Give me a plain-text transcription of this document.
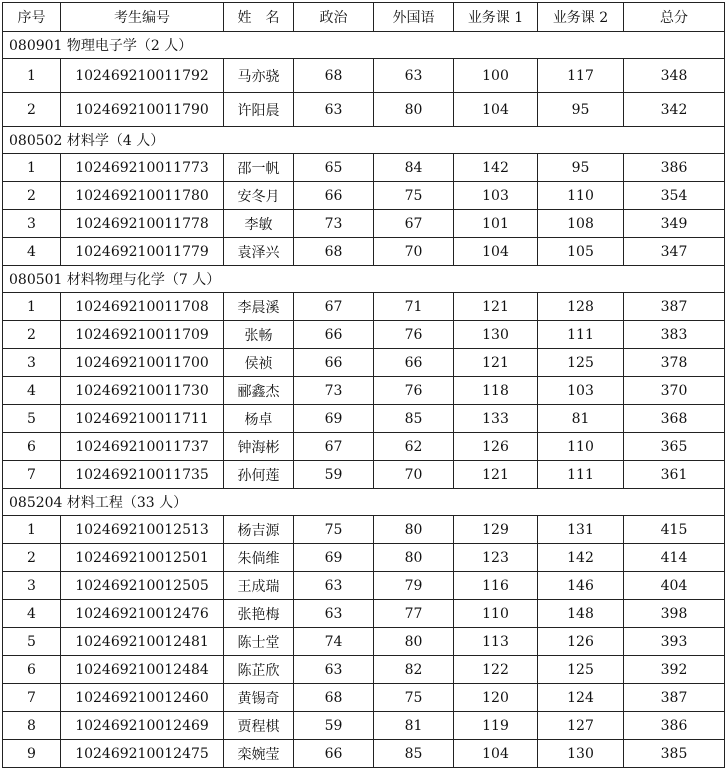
序号	考生编号	姓　名	政治	外国语	业务课 1	业务课 2	总分
080901 物理电子学（2 人）							
1	102469210011792	马亦骁	68	63	100	117	348
2	102469210011790	许阳晨	63	80	104	95	342
080502 材料学（4 人）							
1	102469210011773	邵一帆	65	84	142	95	386
2	102469210011780	安冬月	66	75	103	110	354
3	102469210011778	李敏	73	67	101	108	349
4	102469210011779	袁泽兴	68	70	104	105	347
080501 材料物理与化学（7 人）							
1	102469210011708	李晨溪	67	71	121	128	387
2	102469210011709	张畅	66	76	130	111	383
3	102469210011700	侯祯	66	66	121	125	378
4	102469210011730	郦鑫杰	73	76	118	103	370
5	102469210011711	杨卓	69	85	133	81	368
6	102469210011737	钟海彬	67	62	126	110	365
7	102469210011735	孙何莲	59	70	121	111	361
085204 材料工程（33 人）							
1	102469210012513	杨吉源	75	80	129	131	415
2	102469210012501	朱倘维	69	80	123	142	414
3	102469210012505	王成瑞	63	79	116	146	404
4	102469210012476	张艳梅	63	77	110	148	398
5	102469210012481	陈士堂	74	80	113	126	393
6	102469210012484	陈芷欣	63	82	122	125	392
7	102469210012460	黄锡奇	68	75	120	124	387
8	102469210012469	贾程棋	59	81	119	127	386
9	102469210012475	栾婉莹	66	85	104	130	385
